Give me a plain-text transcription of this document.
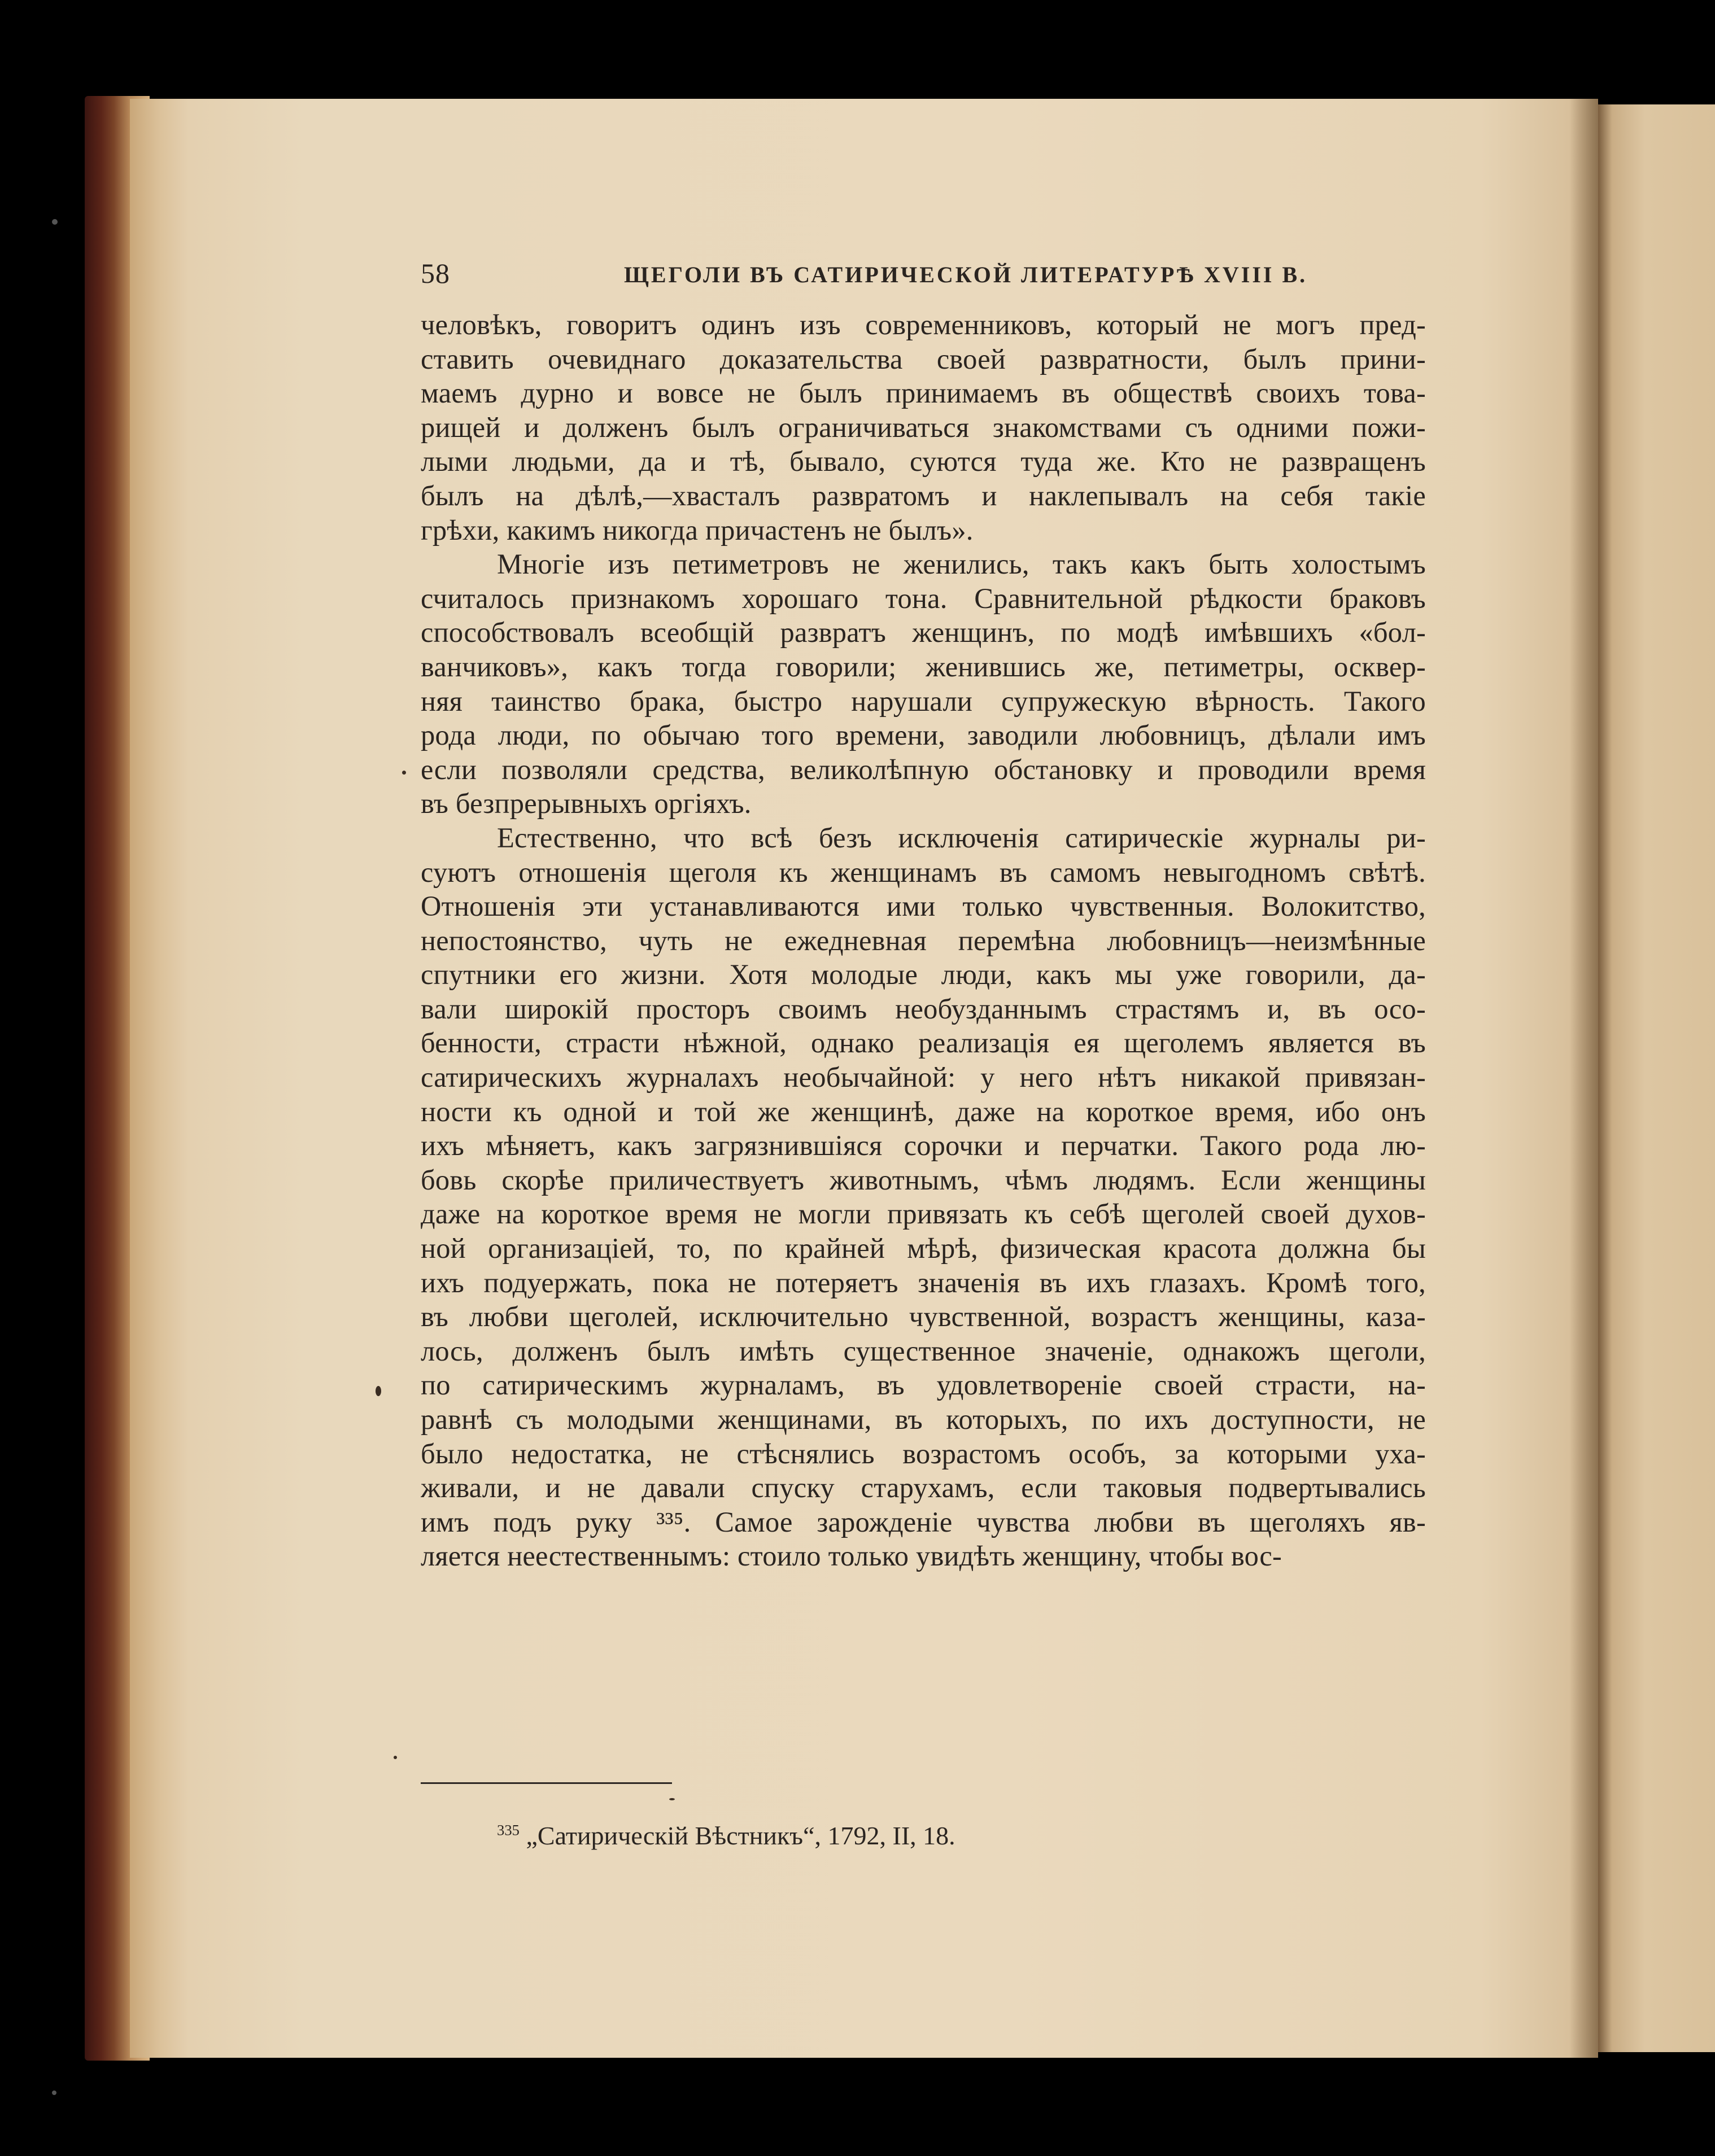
58	ЩЕГОЛИ ВЪ САТИРИЧЕСКОЙ ЛИТЕРАТУРѢ XVIII В.

человѣкъ, говоритъ одинъ изъ современниковъ, который не могъ пред-
ставить очевиднаго доказательства своей развратности, былъ прини-
маемъ дурно и вовсе не былъ принимаемъ въ обществѣ своихъ това-
рищей и долженъ былъ ограничиваться знакомствами съ одними пожи-
лыми людьми, да и тѣ, бывало, суются туда же. Кто не развращенъ
былъ на дѣлѣ,—хвасталъ развратомъ и наклепывалъ на себя такіе
грѣхи, какимъ никогда причастенъ не былъ».

Многіе изъ петиметровъ не женились, такъ какъ быть холостымъ
считалось признакомъ хорошаго тона. Сравнительной рѣдкости браковъ
способствовалъ всеобщій развратъ женщинъ, по модѣ имѣвшихъ «бол-
ванчиковъ», какъ тогда говорили; женившись же, петиметры, осквер-
няя таинство брака, быстро нарушали супружескую вѣрность. Такого
рода люди, по обычаю того времени, заводили любовницъ, дѣлали имъ
если позволяли средства, великолѣпную обстановку и проводили время
въ безпрерывныхъ оргіяхъ.

Естественно, что всѣ безъ исключенія сатирическіе журналы ри-
суютъ отношенія щеголя къ женщинамъ въ самомъ невыгодномъ свѣтѣ.
Отношенія эти устанавливаются ими только чувственныя. Волокитство,
непостоянство, чуть не ежедневная перемѣна любовницъ—неизмѣнные
спутники его жизни. Хотя молодые люди, какъ мы уже говорили, да-
вали широкій просторъ своимъ необузданнымъ страстямъ и, въ осо-
бенности, страсти нѣжной, однако реализація ея щеголемъ является въ
сатирическихъ журналахъ необычайной: у него нѣтъ никакой привязан-
ности къ одной и той же женщинѣ, даже на короткое время, ибо онъ
ихъ мѣняетъ, какъ загрязнившіяся сорочки и перчатки. Такого рода лю-
бовь скорѣе приличествуетъ животнымъ, чѣмъ людямъ. Если женщины
даже на короткое время не могли привязать къ себѣ щеголей своей духов-
ной организаціей, то, по крайней мѣрѣ, физическая красота должна бы
ихъ подуержать, пока не потеряетъ значенія въ ихъ глазахъ. Кромѣ того,
въ любви щеголей, исключительно чувственной, возрастъ женщины, каза-
лось, долженъ былъ имѣть существенное значеніе, однакожъ щеголи,
по сатирическимъ журналамъ, въ удовлетвореніе своей страсти, на-
равнѣ съ молодыми женщинами, въ которыхъ, по ихъ доступности, не
было недостатка, не стѣснялись возрастомъ особъ, за которыми уха-
живали, и не давали спуску старухамъ, если таковыя подвертывались
имъ подъ руку ³³⁵. Самое зарожденіе чувства любви въ щеголяхъ яв-
ляется неестественнымъ: стоило только увидѣть женщину, чтобы вос-

$^{335}$ „Сатирическій Вѣстникъ“, 1792, II, 18.
